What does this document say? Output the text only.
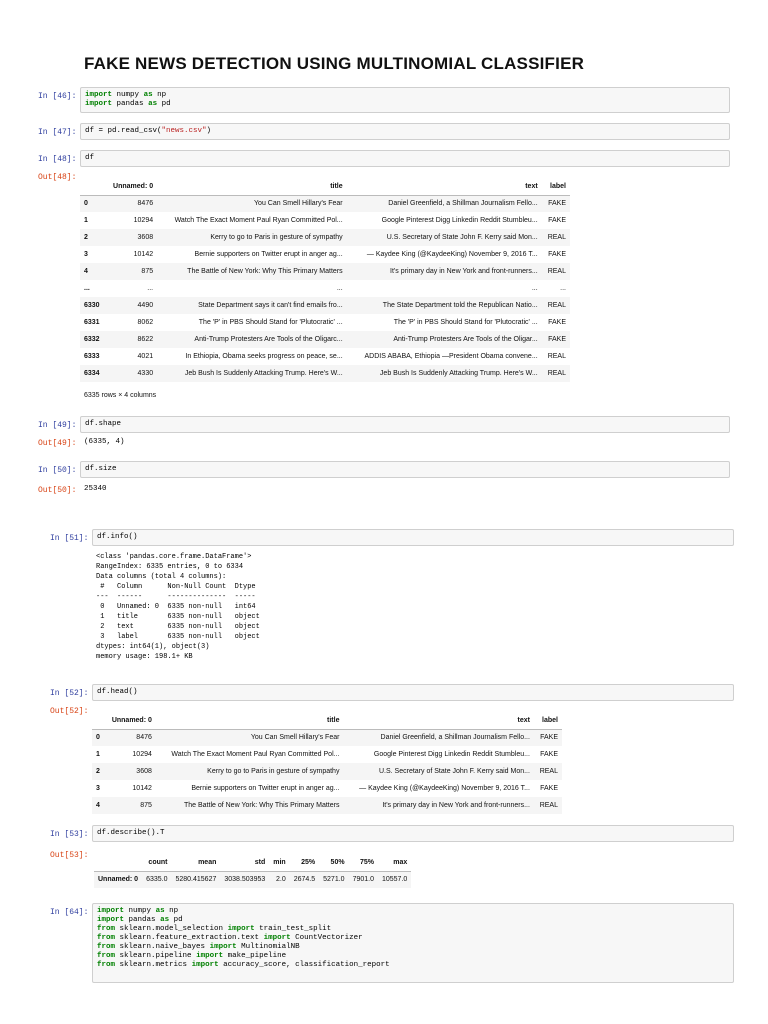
FAKE NEWS DETECTION USING MULTINOMIAL CLASSIFIER
In [46]: import numpy as np
import pandas as pd
In [47]:	df = pd.read_csv("news.csv")
In [48]:	df
Out[48]:
	Unnamed: 0	title	text	label
0	8476	You Can Smell Hillary's Fear	Daniel Greenfield, a Shillman Journalism Fello...	FAKE
1	10294	Watch The Exact Moment Paul Ryan Committed Pol...	Google Pinterest Digg Linkedin Reddit Stumbleu...	FAKE
2	3608	Kerry to go to Paris in gesture of sympathy	U.S. Secretary of State John F. Kerry said Mon...	REAL
3	10142	Bernie supporters on Twitter erupt in anger ag...	— Kaydee King (@KaydeeKing) November 9, 2016 T...	FAKE
4	875	The Battle of New York: Why This Primary Matters	It's primary day in New York and front-runners...	REAL
...	...	...	...	...
6330	4490	State Department says it can't find emails fro...	The State Department told the Republican Natio...	REAL
6331	8062	The 'P' in PBS Should Stand for 'Plutocratic' ...	The 'P' in PBS Should Stand for 'Plutocratic' ...	FAKE
6332	8622	Anti-Trump Protesters Are Tools of the Oligarc...	Anti-Trump Protesters Are Tools of the Oligar...	FAKE
6333	4021	In Ethiopia, Obama seeks progress on peace, se...	ADDIS ABABA, Ethiopia —President Obama convene...	REAL
6334	4330	Jeb Bush Is Suddenly Attacking Trump. Here's W...	Jeb Bush Is Suddenly Attacking Trump. Here's W...	REAL
6335 rows × 4 columns
In [49]:	df.shape
Out[49]: (6335, 4)
In [50]:	df.size
Out[50]: 25340
In [51]:	df.info()
<class 'pandas.core.frame.DataFrame'>
RangeIndex: 6335 entries, 0 to 6334
Data columns (total 4 columns):
#   Column      Non-Null Count  Dtype
---  ------      --------------  -----
0   Unnamed: 0  6335 non-null   int64
1   title       6335 non-null   object
2   text        6335 non-null   object
3   label       6335 non-null   object
dtypes: int64(1), object(3)
memory usage: 198.1+ KB
In [52]:	df.head()
Out[52]:
	Unnamed: 0	title	text	label
0	8476	You Can Smell Hillary's Fear	Daniel Greenfield, a Shillman Journalism Fello...	FAKE
1	10294	Watch The Exact Moment Paul Ryan Committed Pol...	Google Pinterest Digg Linkedin Reddit Stumbleu...	FAKE
2	3608	Kerry to go to Paris in gesture of sympathy	U.S. Secretary of State John F. Kerry said Mon...	REAL
3	10142	Bernie supporters on Twitter erupt in anger ag...	— Kaydee King (@KaydeeKing) November 9, 2016 T...	FAKE
4	875	The Battle of New York: Why This Primary Matters	It's primary day in New York and front-runners...	REAL
In [53]:	df.describe().T
Out[53]:
	count	mean	std	min	25%	50%	75%	max
Unnamed: 0	6335.0	5280.415627	3038.503953	2.0	2674.5	5271.0	7901.0	10557.0
In [64]: import numpy as np
import pandas as pd
from sklearn.model_selection import train_test_split
from sklearn.feature_extraction.text import CountVectorizer
from sklearn.naive_bayes import MultinomialNB
from sklearn.pipeline import make_pipeline
from sklearn.metrics import accuracy_score, classification_report
